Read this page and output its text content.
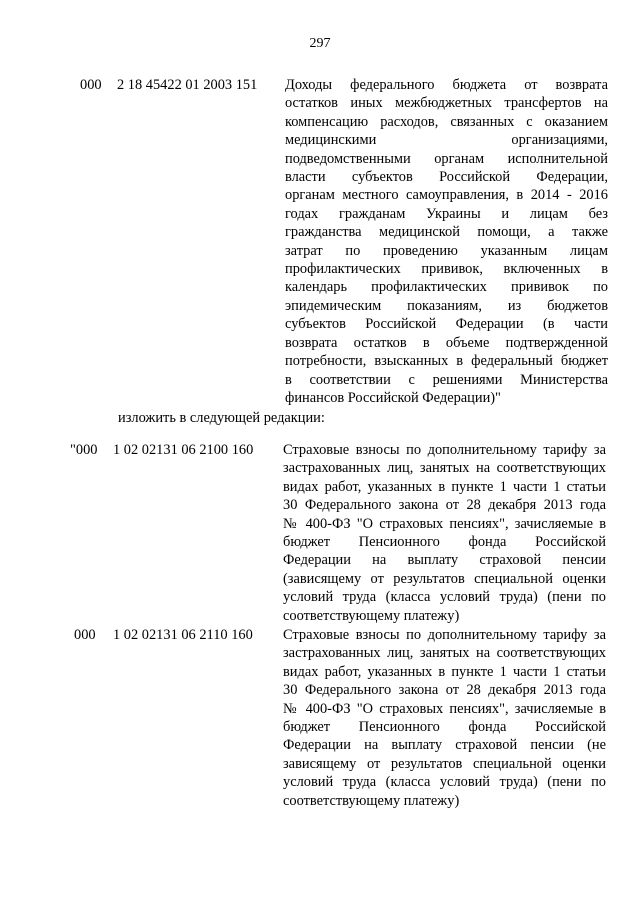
297
000 2 18 45422 01 2003 151 Доходы федерального бюджета от возврата
остатков иных межбюджетных трансфертов на
компенсацию расходов, связанных с оказанием
медицинскими организациями,
подведомственными органам исполнительной
власти субъектов Российской Федерации,
органам местного самоуправления, в 2014 - 2016
годах гражданам Украины и лицам без
гражданства медицинской помощи, а также
затрат по проведению указанным лицам
профилактических прививок, включенных в
календарь профилактических прививок по
эпидемическим показаниям, из бюджетов
субъектов Российской Федерации (в части
возврата остатков в объеме подтвержденной
потребности, взысканных в федеральный бюджет
в соответствии с решениями Министерства
финансов Российской Федерации)"
изложить в следующей редакции:
"000 1 02 02131 06 2100 160 Страховые взносы по дополнительному тарифу за
застрахованных лиц, занятых на соответствующих
видах работ, указанных в пункте 1 части 1 статьи
30 Федерального закона от 28 декабря 2013 года
№ 400-ФЗ "О страховых пенсиях", зачисляемые в
бюджет Пенсионного фонда Российской
Федерации на выплату страховой пенсии
(зависящему от результатов специальной оценки
условий труда (класса условий труда) (пени по
соответствующему платежу)
000 1 02 02131 06 2110 160 Страховые взносы по дополнительному тарифу за
застрахованных лиц, занятых на соответствующих
видах работ, указанных в пункте 1 части 1 статьи
30 Федерального закона от 28 декабря 2013 года
№ 400-ФЗ "О страховых пенсиях", зачисляемые в
бюджет Пенсионного фонда Российской
Федерации на выплату страховой пенсии (не
зависящему от результатов специальной оценки
условий труда (класса условий труда) (пени по
соответствующему платежу)
